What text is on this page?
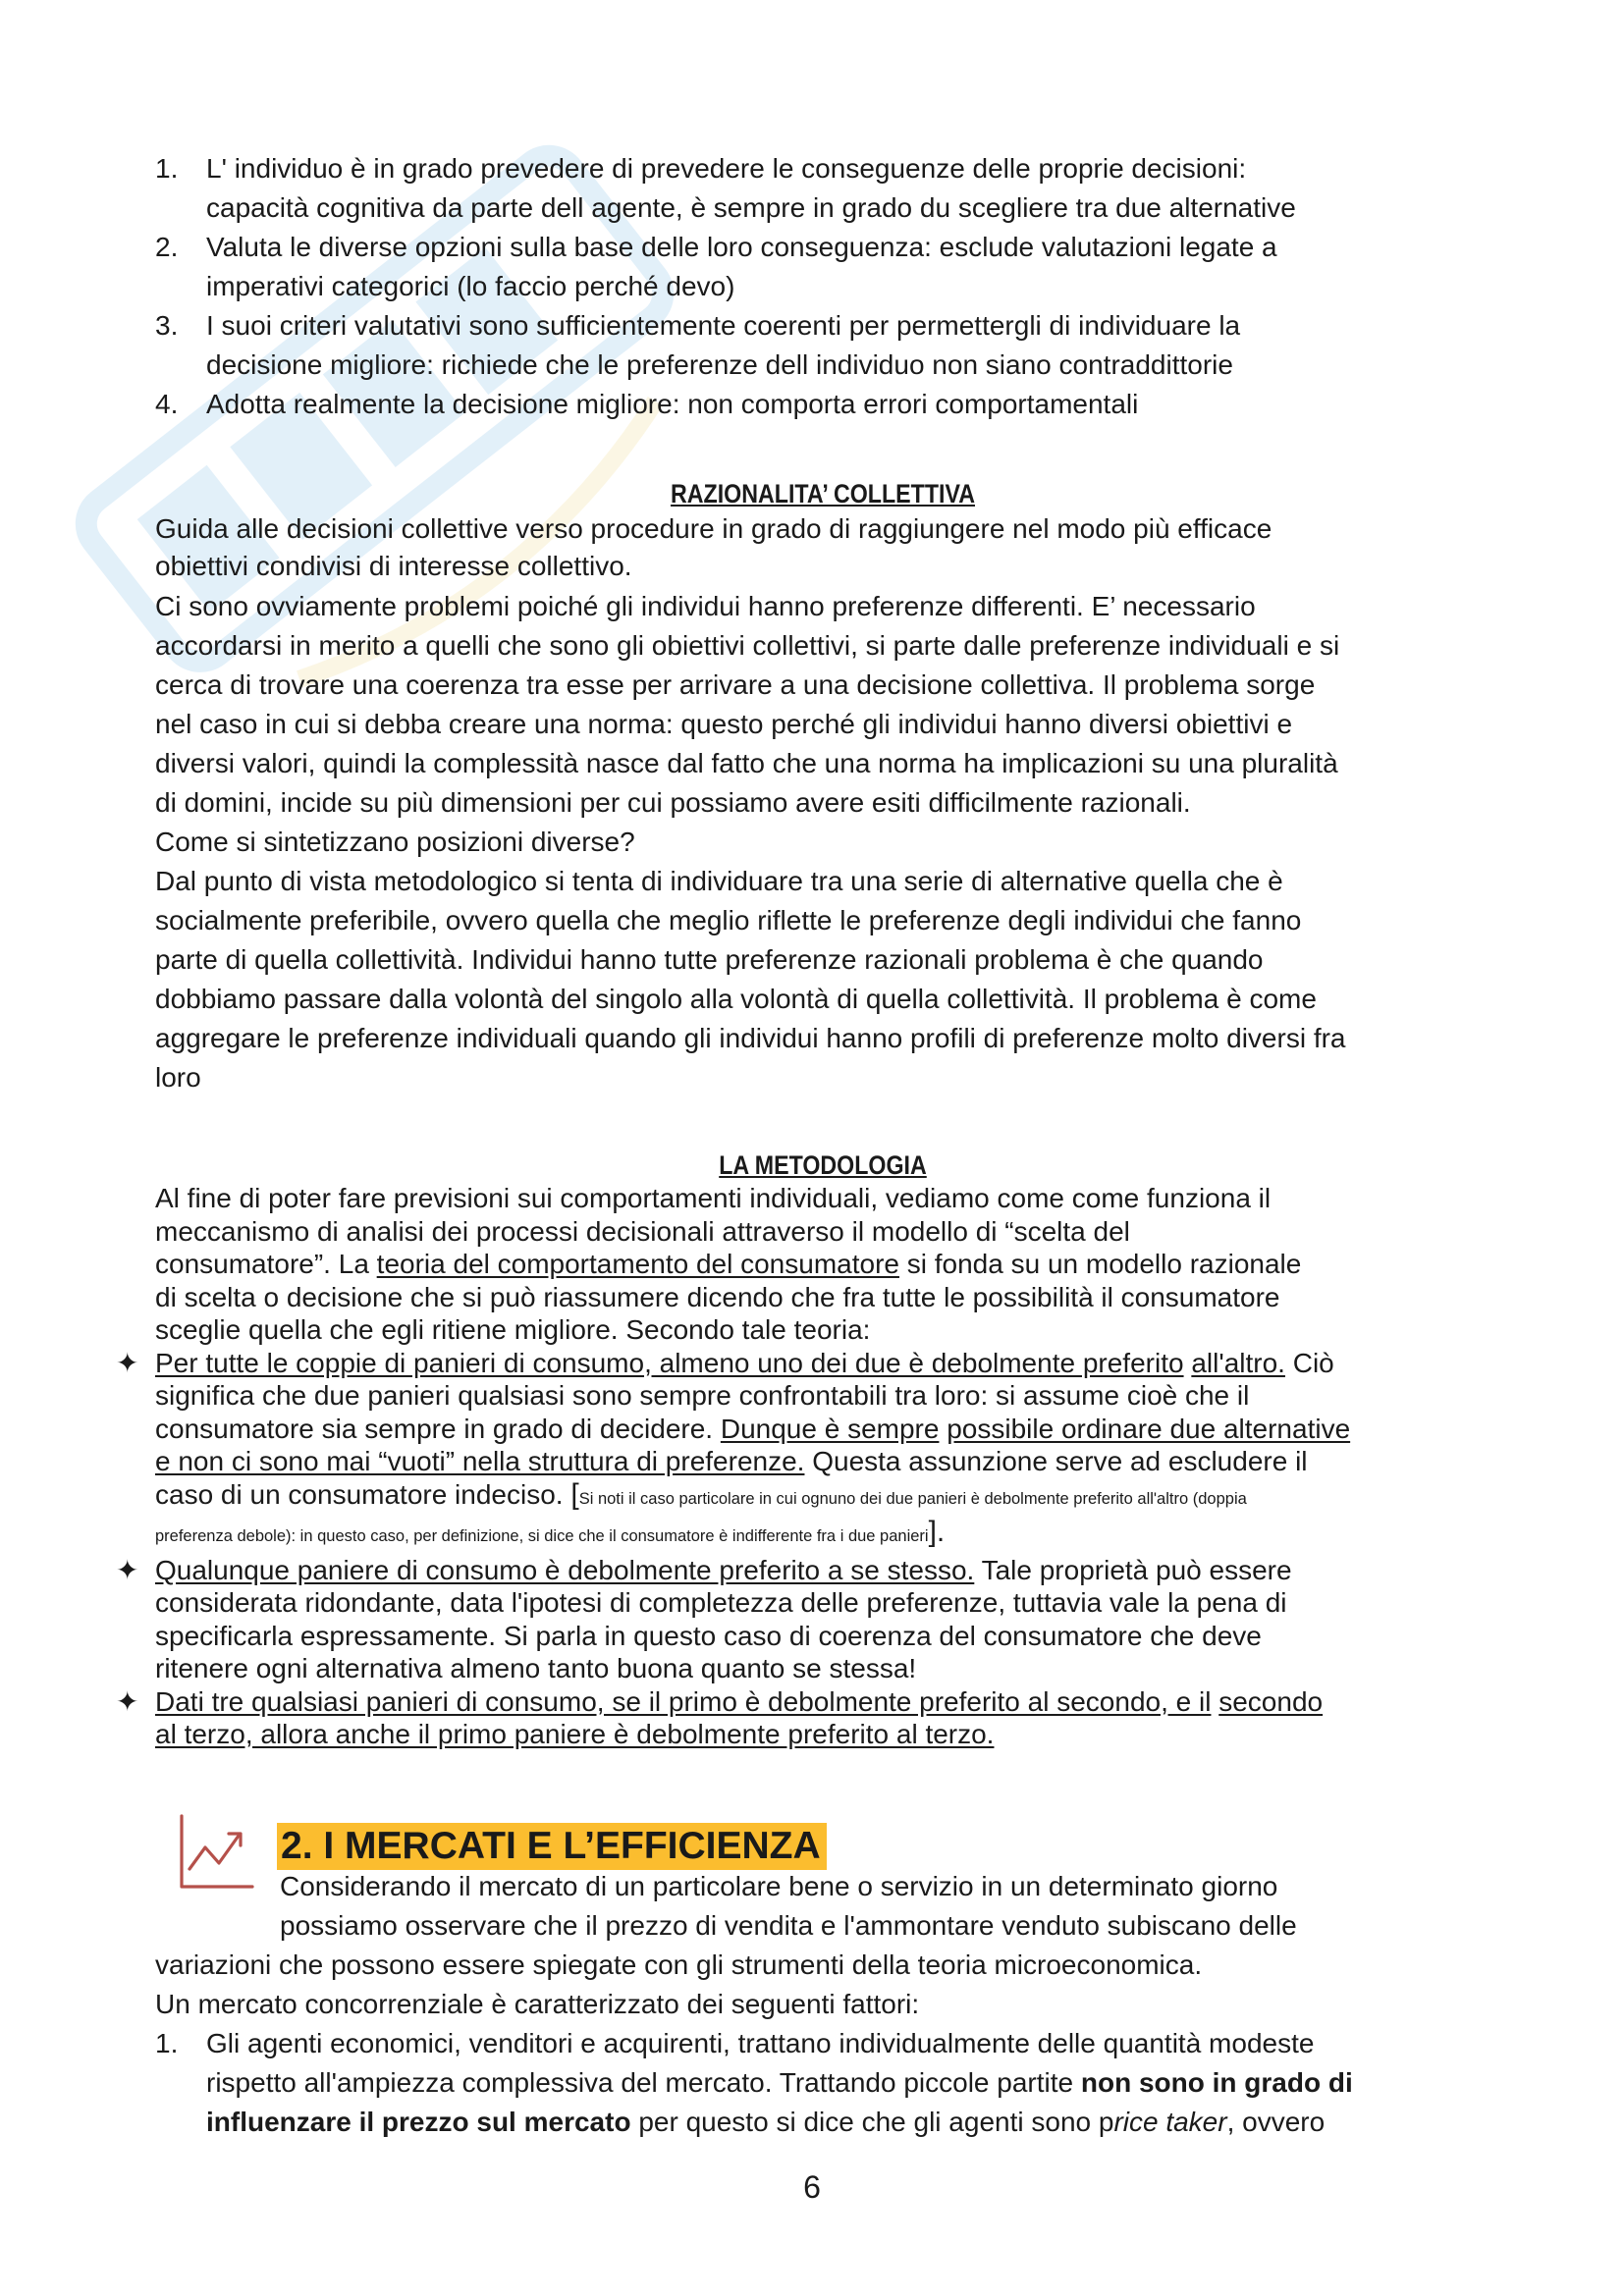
1. L' individuo è in grado prevedere di prevedere le conseguenze delle proprie decisioni:
capacità cognitiva da parte dell agente, è sempre in grado du scegliere tra due alternative
2. Valuta le diverse opzioni sulla base delle loro conseguenza: esclude valutazioni legate a
imperativi categorici (lo faccio perché devo)
3. I suoi criteri valutativi sono sufficientemente coerenti per permettergli di individuare la
decisione migliore: richiede che le preferenze dell individuo non siano contraddittorie
4. Adotta realmente la decisione migliore: non comporta errori comportamentali

RAZIONALITA’ COLLETTIVA

Guida alle decisioni collettive verso procedure in grado di raggiungere nel modo più efficace
obiettivi condivisi di interesse collettivo.

Ci sono ovviamente problemi poiché gli individui hanno preferenze differenti. E’ necessario
accordarsi in merito a quelli che sono gli obiettivi collettivi, si parte dalle preferenze individuali e si
cerca di trovare una coerenza tra esse per arrivare a una decisione collettiva. Il problema sorge
nel caso in cui si debba creare una norma: questo perché gli individui hanno diversi obiettivi e
diversi valori, quindi la complessità nasce dal fatto che una norma ha implicazioni su una pluralità
di domini, incide su più dimensioni per cui possiamo avere esiti difficilmente razionali.
Come si sintetizzano posizioni diverse?
Dal punto di vista metodologico si tenta di individuare tra una serie di alternative quella che è
socialmente preferibile, ovvero quella che meglio riflette le preferenze degli individui che fanno
parte di quella collettività. Individui hanno tutte preferenze razionali problema è che quando
dobbiamo passare dalla volontà del singolo alla volontà di quella collettività. Il problema è come
aggregare le preferenze individuali quando gli individui hanno profili di preferenze molto diversi fra
loro

LA METODOLOGIA

Al fine di poter fare previsioni sui comportamenti individuali, vediamo come come funziona il
meccanismo di analisi dei processi decisionali attraverso il modello di “scelta del
consumatore”. La teoria del comportamento del consumatore si fonda su un modello razionale
di scelta o decisione che si può riassumere dicendo che fra tutte le possibilità il consumatore
sceglie quella che egli ritiene migliore. Secondo tale teoria:

✦ Per tutte le coppie di panieri di consumo, almeno uno dei due è debolmente preferito all'altro. Ciò
significa che due panieri qualsiasi sono sempre confrontabili tra loro: si assume cioè che il
consumatore sia sempre in grado di decidere. Dunque è sempre possibile ordinare due alternative
e non ci sono mai “vuoti” nella struttura di preferenze. Questa assunzione serve ad escludere il
caso di un consumatore indeciso. [Si noti il caso particolare in cui ognuno dei due panieri è debolmente preferito all'altro (doppia
preferenza debole): in questo caso, per definizione, si dice che il consumatore è indifferente fra i due panieri].
✦ Qualunque paniere di consumo è debolmente preferito a se stesso. Tale proprietà può essere
considerata ridondante, data l'ipotesi di completezza delle preferenze, tuttavia vale la pena di
specificarla espressamente. Si parla in questo caso di coerenza del consumatore che deve
ritenere ogni alternativa almeno tanto buona quanto se stessa!
✦ Dati tre qualsiasi panieri di consumo, se il primo è debolmente preferito al secondo, e il secondo
al terzo, allora anche il primo paniere è debolmente preferito al terzo.
2. I MERCATI E L’EFFICIENZA

Considerando il mercato di un particolare bene o servizio in un determinato giorno
possiamo osservare che il prezzo di vendita e l'ammontare venduto subiscano delle

variazioni che possono essere spiegate con gli strumenti della teoria microeconomica.
Un mercato concorrenziale è caratterizzato dei seguenti fattori:

1. Gli agenti economici, venditori e acquirenti, trattano individualmente delle quantità modeste
rispetto all'ampiezza complessiva del mercato. Trattando piccole partite non sono in grado di
influenzare il prezzo sul mercato per questo si dice che gli agenti sono price taker, ovvero
6
